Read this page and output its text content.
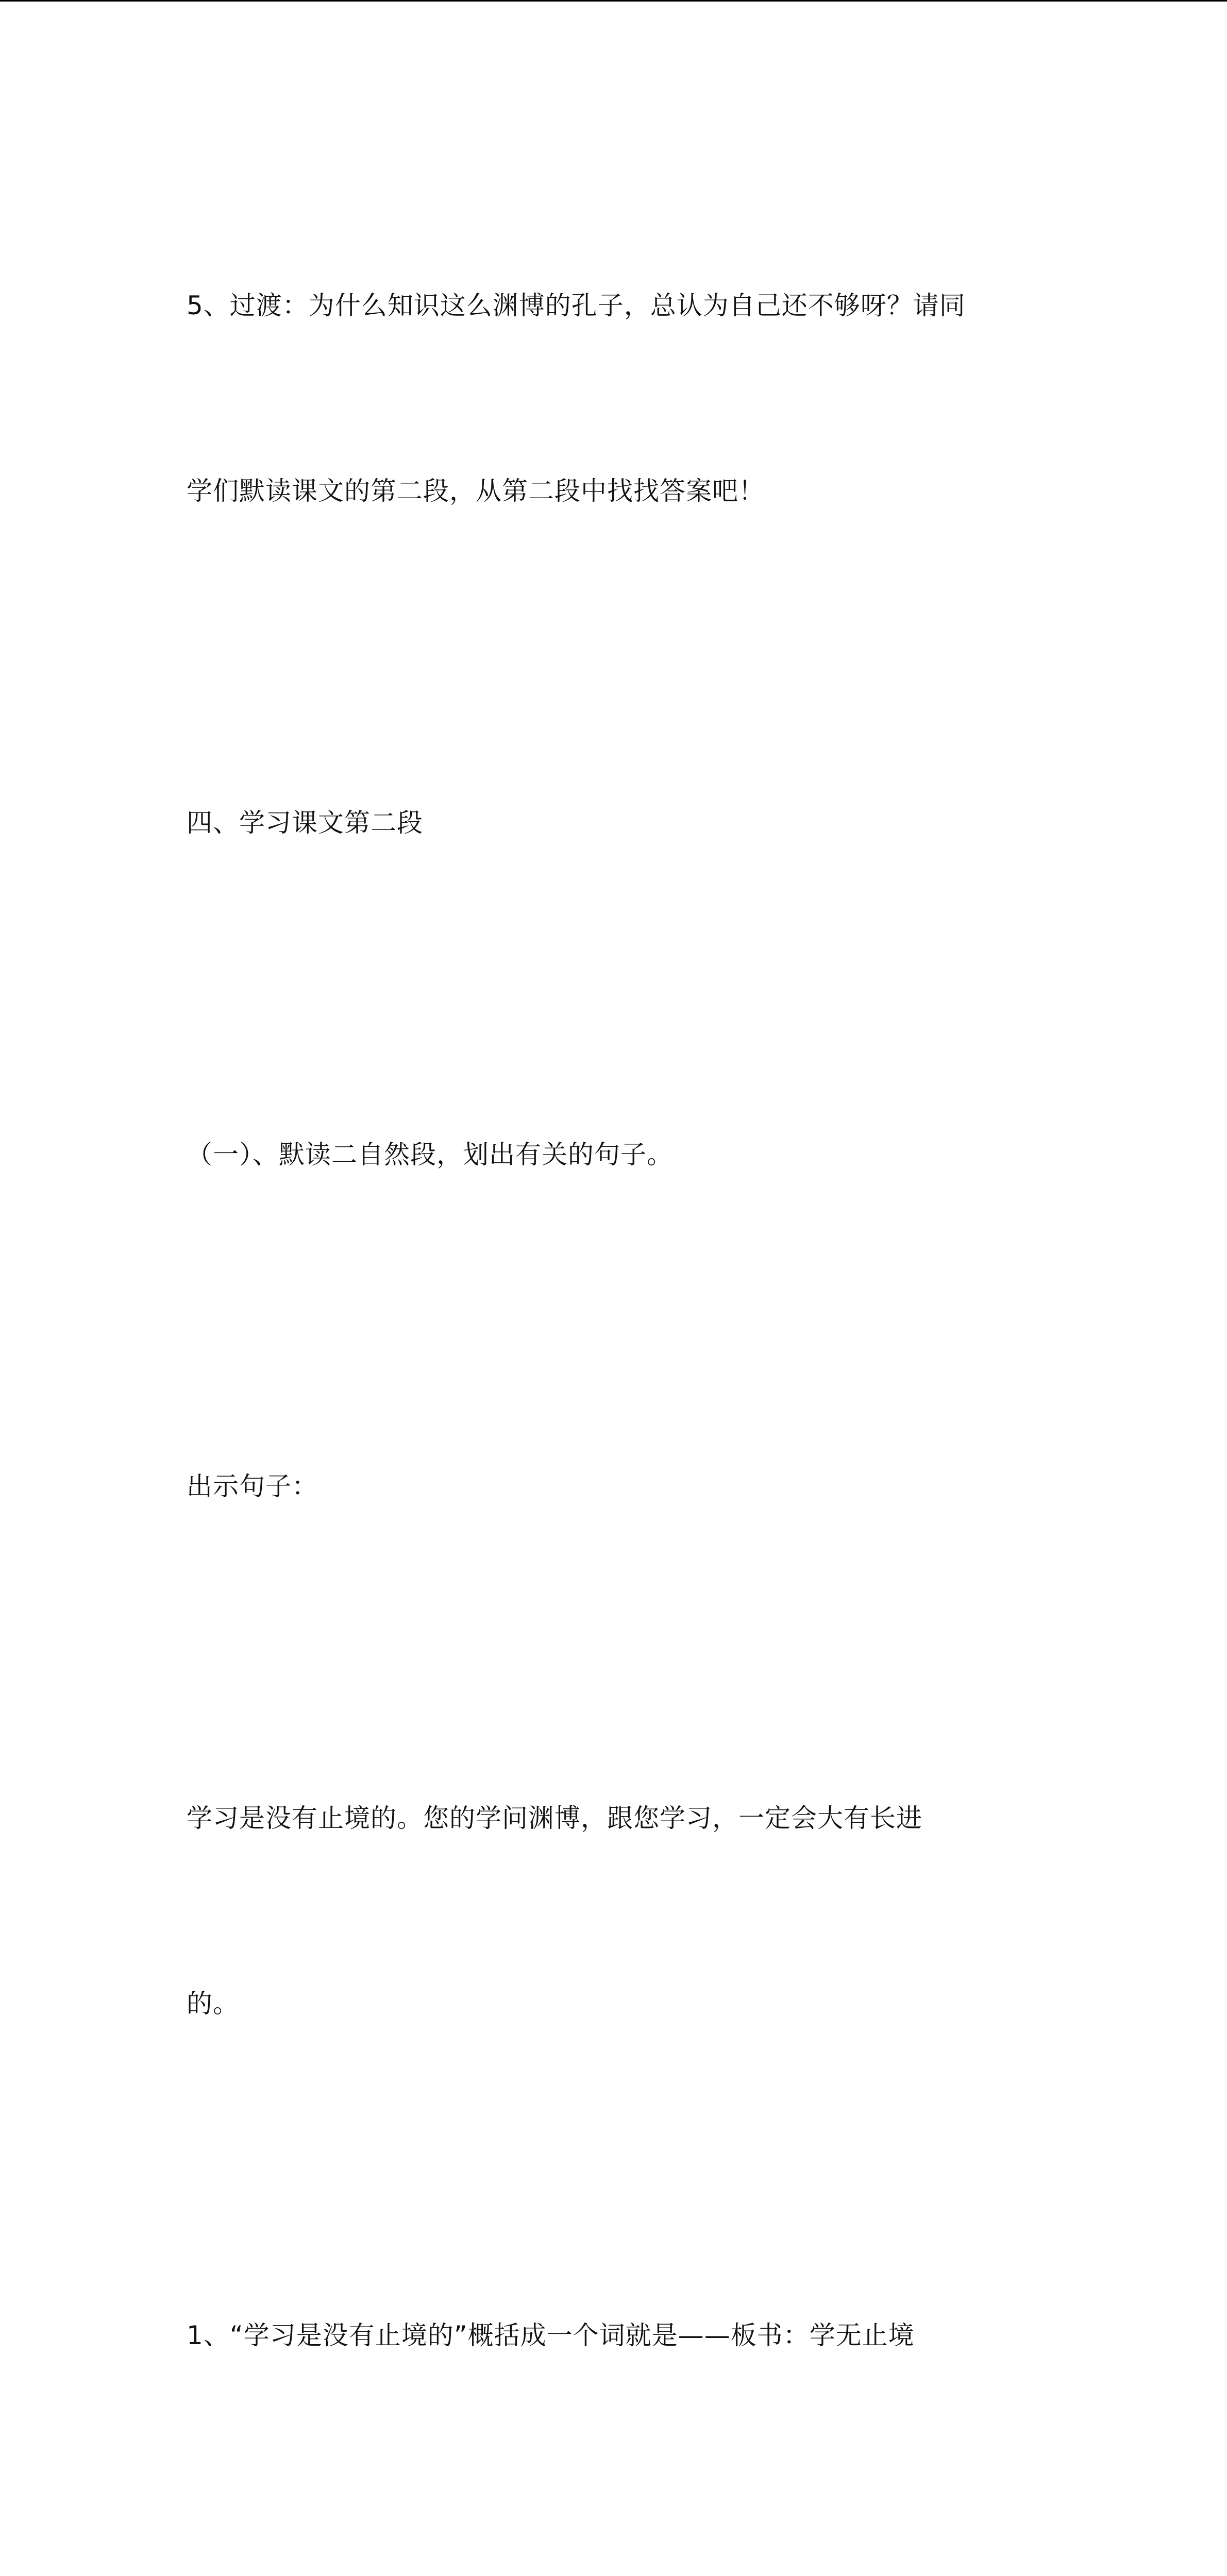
5、过渡：为什么知识这么渊博的孔子，总认为自己还不够呀？请同

学们默读课文的第二段，从第二段中找找答案吧！

四、学习课文第二段

（一）、默读二自然段，划出有关的句子。

出示句子：

学习是没有止境的。您的学问渊博，跟您学习，一定会大有长进

的。

1、“学习是没有止境的”概括成一个词就是——板书：学无止境
